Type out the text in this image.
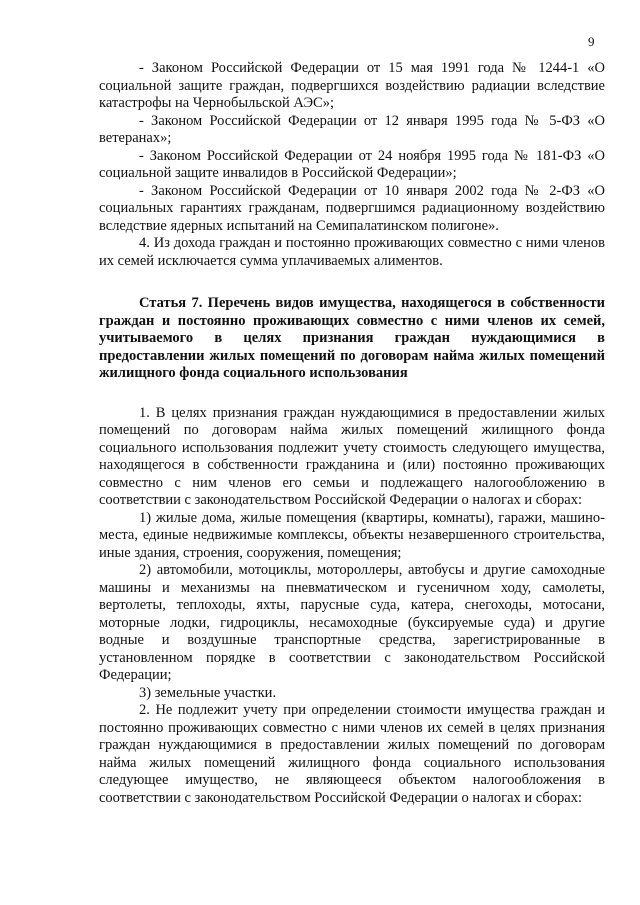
9

- Законом Российской Федерации от 15 мая 1991 года № 1244-1 «О социальной защите граждан, подвергшихся воздействию радиации вследствие катастрофы на Чернобыльской АЭС»;

- Законом Российской Федерации от 12 января 1995 года № 5-ФЗ «О ветеранах»;

- Законом Российской Федерации от 24 ноября 1995 года № 181-ФЗ «О социальной защите инвалидов в Российской Федерации»;

- Законом Российской Федерации от 10 января 2002 года № 2-ФЗ «О социальных гарантиях гражданам, подвергшимся радиационному воздействию вследствие ядерных испытаний на Семипалатинском полигоне».

4. Из дохода граждан и постоянно проживающих совместно с ними членов их семей исключается сумма уплачиваемых алиментов.

Статья 7. Перечень видов имущества, находящегося в собственности граждан и постоянно проживающих совместно с ними членов их семей, учитываемого в целях признания граждан нуждающимися в предоставлении жилых помещений по договорам найма жилых помещений жилищного фонда социального использования

1. В целях признания граждан нуждающимися в предоставлении жилых помещений по договорам найма жилых помещений жилищного фонда социального использования подлежит учету стоимость следующего имущества, находящегося в собственности гражданина и (или) постоянно проживающих совместно с ним членов его семьи и подлежащего налогообложению в соответствии с законодательством Российской Федерации о налогах и сборах:

1) жилые дома, жилые помещения (квартиры, комнаты), гаражи, машино-места, единые недвижимые комплексы, объекты незавершенного строительства, иные здания, строения, сооружения, помещения;

2) автомобили, мотоциклы, мотороллеры, автобусы и другие самоходные машины и механизмы на пневматическом и гусеничном ходу, самолеты, вертолеты, теплоходы, яхты, парусные суда, катера, снегоходы, мотосани, моторные лодки, гидроциклы, несамоходные (буксируемые суда) и другие водные и воздушные транспортные средства, зарегистрированные в установленном порядке в соответствии с законодательством Российской Федерации;

3) земельные участки.

2. Не подлежит учету при определении стоимости имущества граждан и постоянно проживающих совместно с ними членов их семей в целях признания граждан нуждающимися в предоставлении жилых помещений по договорам найма жилых помещений жилищного фонда социального использования следующее имущество, не являющееся объектом налогообложения в соответствии с законодательством Российской Федерации о налогах и сборах:
